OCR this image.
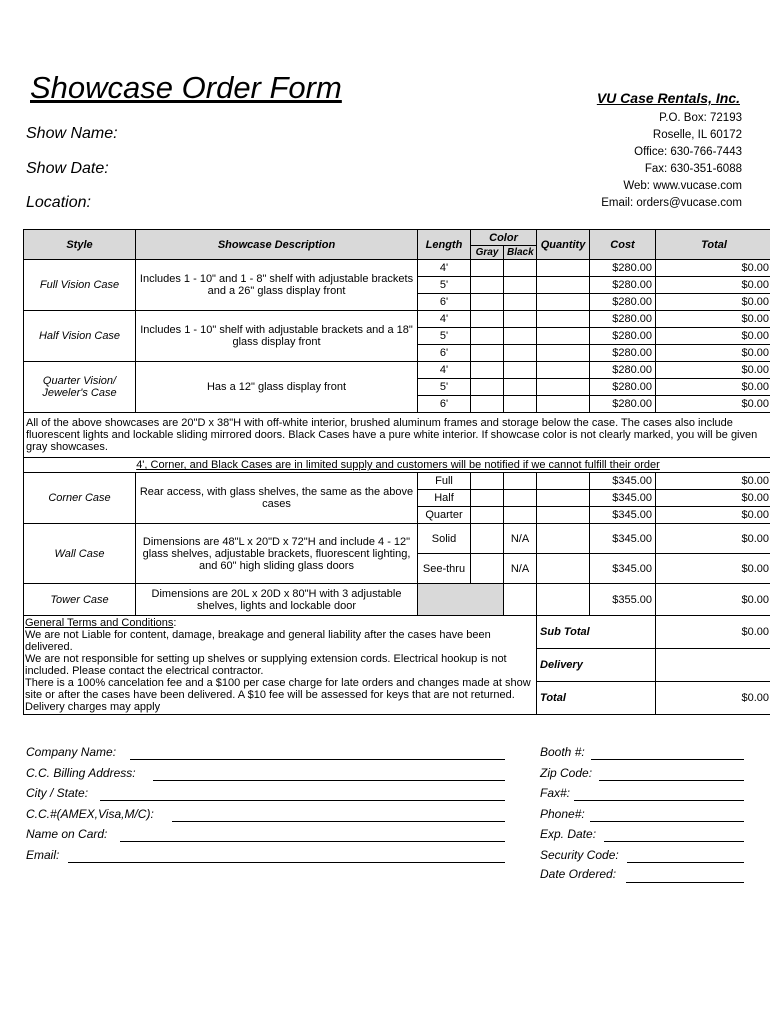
Showcase Order Form
Show Name:
Show Date:
Location:
VU Case Rentals, Inc.
P.O. Box: 72193
Roselle, IL 60172
Office: 630-766-7443
Fax: 630-351-6088
Web: www.vucase.com
Email: orders@vucase.com
Style	Showcase Description	Length	Color		Quantity	Cost	Total
			Gray	Black			
Full Vision Case	Includes 1 - 10" and 1 - 8" shelf with adjustable brackets and a 26" glass display front	4'				$280.00	$0.00
		5'				$280.00	$0.00
		6'				$280.00	$0.00
Half Vision Case	Includes 1 - 10" shelf with adjustable brackets and a 18" glass display front	4'				$280.00	$0.00
		5'				$280.00	$0.00
		6'				$280.00	$0.00
Quarter Vision/ Jeweler's Case	Has a 12" glass display front	4'				$280.00	$0.00
		5'				$280.00	$0.00
		6'				$280.00	$0.00
All of the above showcases are 20"D x 38"H with off-white interior, brushed aluminum frames and storage below the case. The cases also include fluorescent lights and lockable sliding mirrored doors. Black Cases have a pure white interior. If showcase color is not clearly marked, you will be given gray showcases.							
4', Corner, and Black Cases are in limited supply and customers will be notified if we cannot fulfill their order							
Corner Case	Rear access, with glass shelves, the same as the above cases	Full				$345.00	$0.00
		Half				$345.00	$0.00
		Quarter				$345.00	$0.00
Wall Case	Dimensions are 48"L x 20"D x 72"H and include 4 - 12" glass shelves, adjustable brackets, fluorescent lighting, and 60" high sliding glass doors	Solid		N/A		$345.00	$0.00
		See-thru		N/A		$345.00	$0.00
Tower Case	Dimensions are 20L x 20D x 80"H with 3 adjustable shelves, lights and lockable door					$355.00	$0.00

General Terms and Conditions:
We are not Liable for content, damage, breakage and general liability after the cases have been delivered.
We are not responsible for setting up shelves or supplying extension cords. Electrical hookup is not included. Please contact the electrical contractor.
There is a 100% cancelation fee and a $100 per case charge for late orders and changes made at show site or after the cases have been delivered. A $10 fee will be assessed for keys that are not returned.
Delivery charges may apply					Sub Total		$0.00
					Delivery		
					Total		$0.00
Company Name:
C.C. Billing Address:
City / State:
C.C.#(AMEX,Visa,M/C):
Name on Card:
Email:
Booth #:
Zip Code:
Fax#:
Phone#:
Exp. Date:
Security Code:
Date Ordered:
